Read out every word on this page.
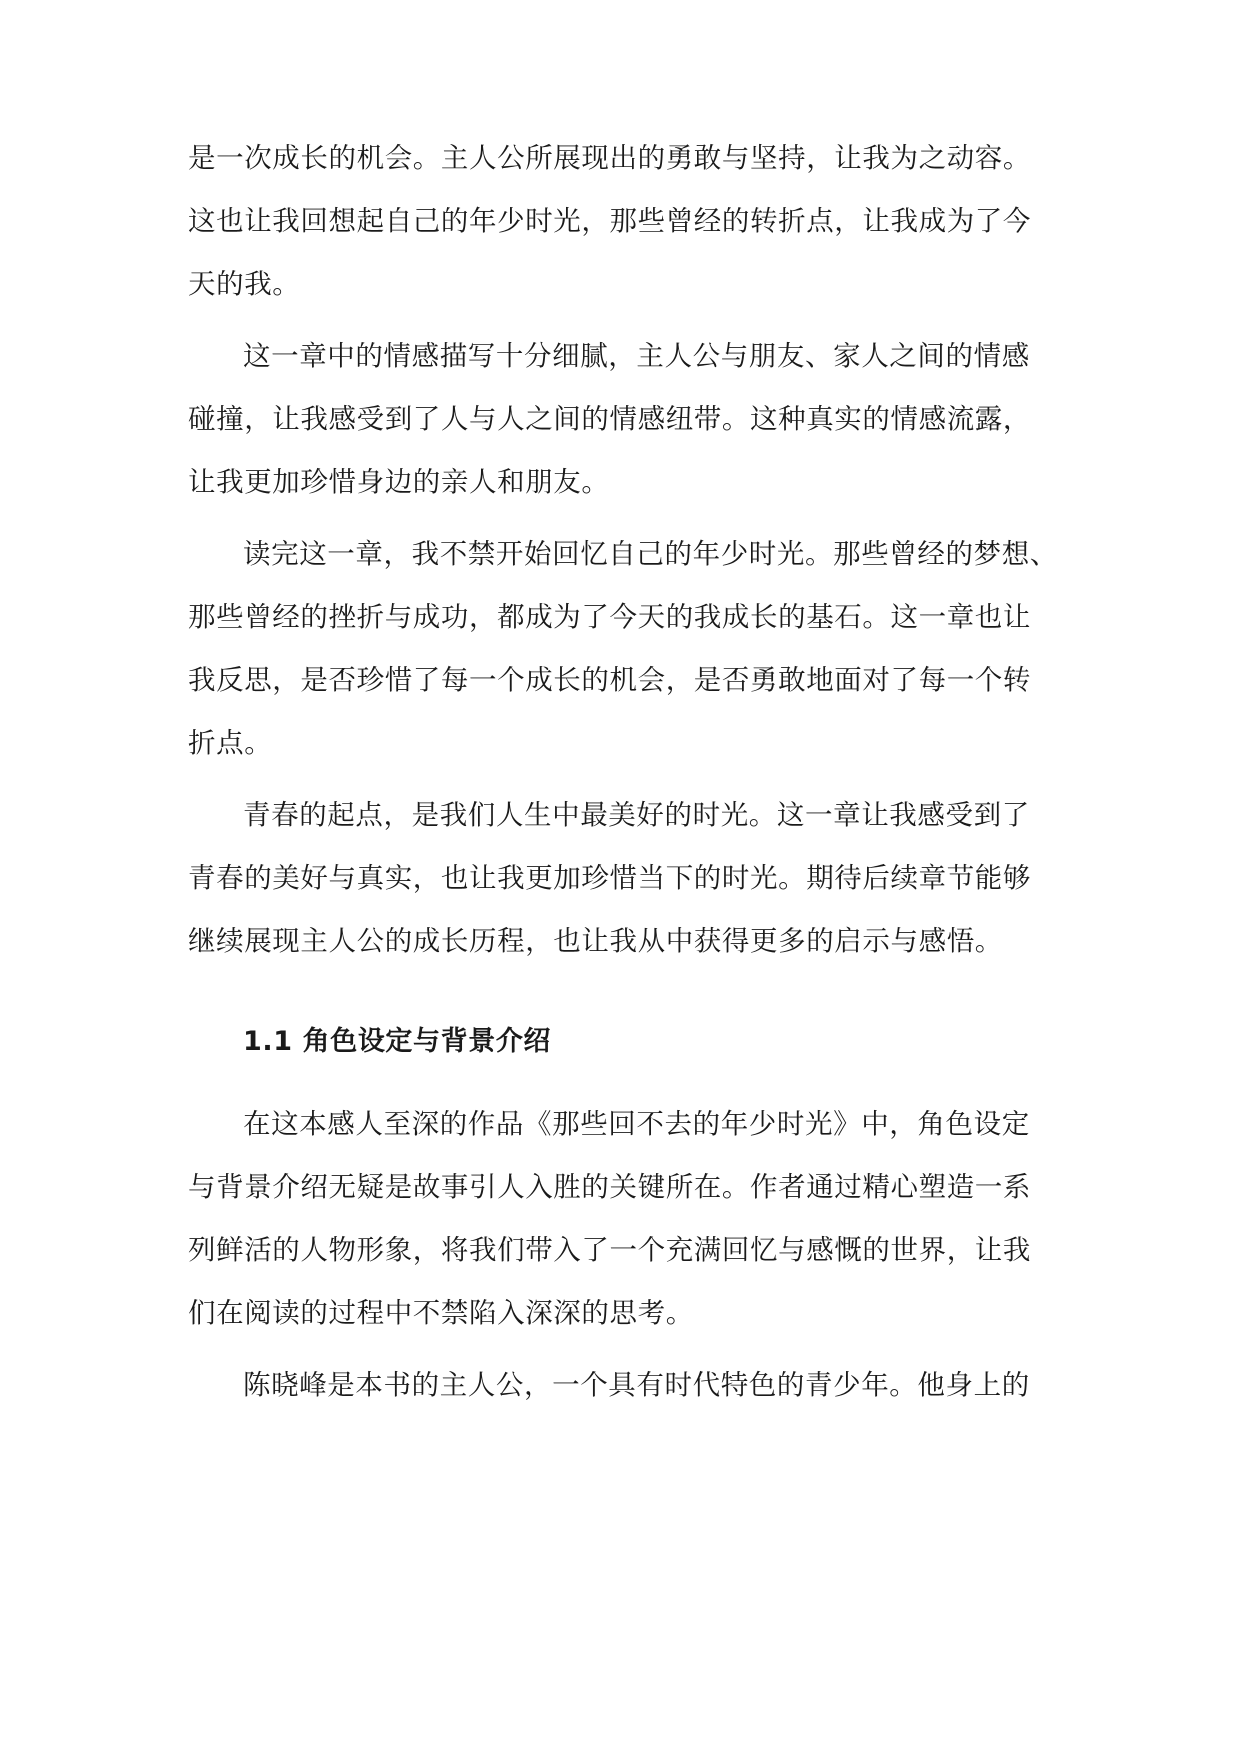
是一次成长的机会。主人公所展现出的勇敢与坚持，让我为之动容。
这也让我回想起自己的年少时光，那些曾经的转折点，让我成为了今
天的我。
这一章中的情感描写十分细腻，主人公与朋友、家人之间的情感
碰撞，让我感受到了人与人之间的情感纽带。这种真实的情感流露，
让我更加珍惜身边的亲人和朋友。
读完这一章，我不禁开始回忆自己的年少时光。那些曾经的梦想、
那些曾经的挫折与成功，都成为了今天的我成长的基石。这一章也让
我反思，是否珍惜了每一个成长的机会，是否勇敢地面对了每一个转
折点。
青春的起点，是我们人生中最美好的时光。这一章让我感受到了
青春的美好与真实，也让我更加珍惜当下的时光。期待后续章节能够
继续展现主人公的成长历程，也让我从中获得更多的启示与感悟。
1.1 角色设定与背景介绍
在这本感人至深的作品《那些回不去的年少时光》中，角色设定
与背景介绍无疑是故事引人入胜的关键所在。作者通过精心塑造一系
列鲜活的人物形象，将我们带入了一个充满回忆与感慨的世界，让我
们在阅读的过程中不禁陷入深深的思考。
陈晓峰是本书的主人公，一个具有时代特色的青少年。他身上的
